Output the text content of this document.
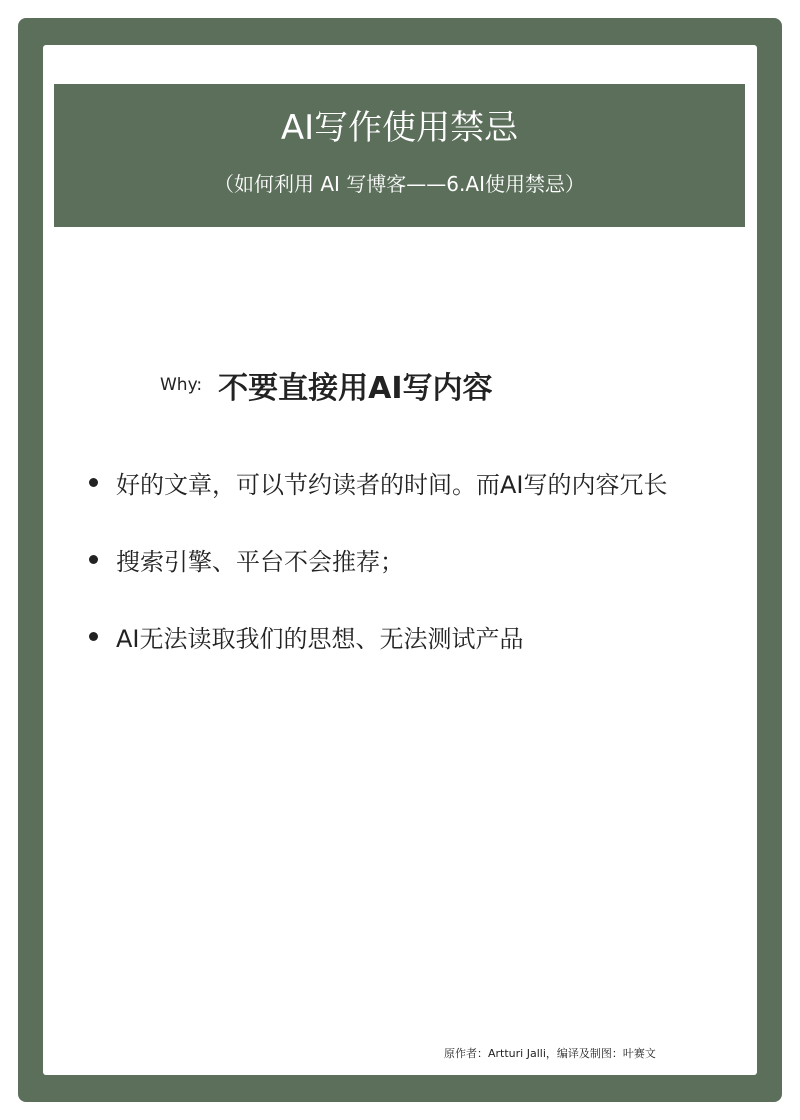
AI写作使用禁忌
（如何利用 AI 写博客——6.AI使用禁忌）
Why: 不要直接用AI写内容
好的文章，可以节约读者的时间。而AI写的内容冗长
搜索引擎、平台不会推荐；
AI无法读取我们的思想、无法测试产品
原作者：Artturi Jalli，编译及制图：叶赛文
